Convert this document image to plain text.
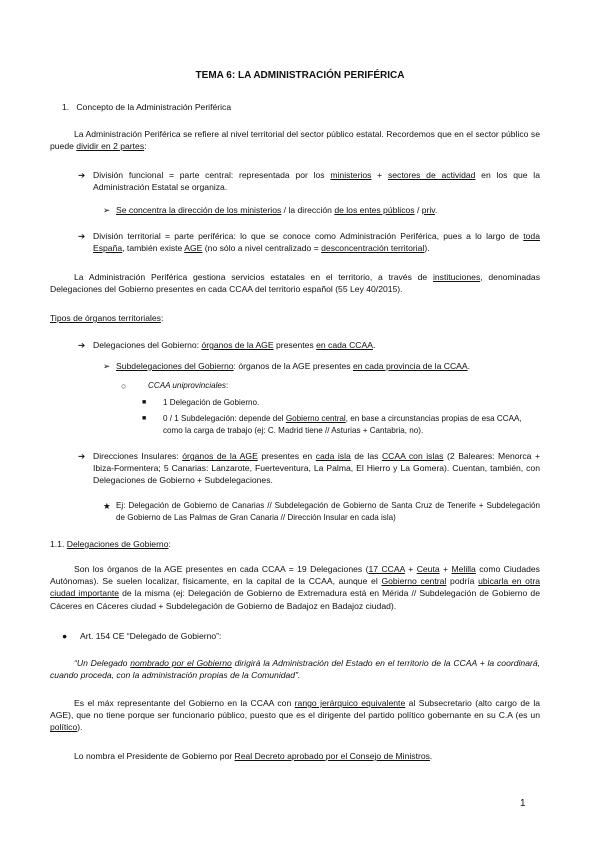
TEMA 6: LA ADMINISTRACIÓN PERIFÉRICA
1. Concepto de la Administración Periférica
La Administración Periférica se refiere al nivel territorial del sector público estatal. Recordemos que en el sector público se puede dividir en 2 partes:
➔ División funcional = parte central: representada por los ministerios + sectores de actividad en los que la Administración Estatal se organiza.
➢ Se concentra la dirección de los ministerios / la dirección de los entes públicos / priv.
➔ División territorial = parte periférica: lo que se conoce como Administración Periférica, pues a lo largo de toda España, también existe AGE (no sólo a nivel centralizado = desconcentración territorial).
La Administración Periférica gestiona servicios estatales en el territorio, a través de instituciones, denominadas Delegaciones del Gobierno presentes en cada CCAA del territorio español (55 Ley 40/2015).
Tipos de órganos territoriales:
➔ Delegaciones del Gobierno: órganos de la AGE presentes en cada CCAA.
➢ Subdelegaciones del Gobierno: órganos de la AGE presentes en cada provincia de la CCAA.
○	CCAA uniprovinciales:
■	1 Delegación de Gobierno.
■	0 / 1 Subdelegación: depende del Gobierno central, en base a circunstancias propias de esa CCAA, como la carga de trabajo (ej: C. Madrid tiene // Asturias + Cantabria, no).
➔ Direcciones Insulares: órganos de la AGE presentes en cada isla de las CCAA con islas (2 Baleares: Menorca + Ibiza-Formentera; 5 Canarias: Lanzarote, Fuerteventura, La Palma, El Hierro y La Gomera). Cuentan, también, con Delegaciones de Gobierno + Subdelegaciones.
★ Ej: Delegación de Gobierno de Canarias // Subdelegación de Gobierno de Santa Cruz de Tenerife + Subdelegación de Gobierno de Las Palmas de Gran Canaria // Dirección Insular en cada isla)
1.1. Delegaciones de Gobierno:
Son los órganos de la AGE presentes en cada CCAA = 19 Delegaciones (17 CCAA + Ceuta + Melilla como Ciudades Autónomas). Se suelen localizar, físicamente, en la capital de la CCAA, aunque el Gobierno central podría ubicarla en otra ciudad importante de la misma (ej: Delegación de Gobierno de Extremadura está en Mérida // Subdelegación de Gobierno de Cáceres en Cáceres ciudad + Subdelegación de Gobierno de Badajoz en Badajoz ciudad).
● Art. 154 CE “Delegado de Gobierno”:
“Un Delegado nombrado por el Gobierno dirigirá la Administración del Estado en el territorio de la CCAA + la coordinará, cuando proceda, con la administración propias de la Comunidad”.
Es el máx representante del Gobierno en la CCAA con rango jerárquico equivalente al Subsecretario (alto cargo de la AGE), que no tiene porque ser funcionario público, puesto que es el dirigente del partido político gobernante en su C.A (es un político).
Lo nombra el Presidente de Gobierno por Real Decreto aprobado por el Consejo de Ministros.
1
